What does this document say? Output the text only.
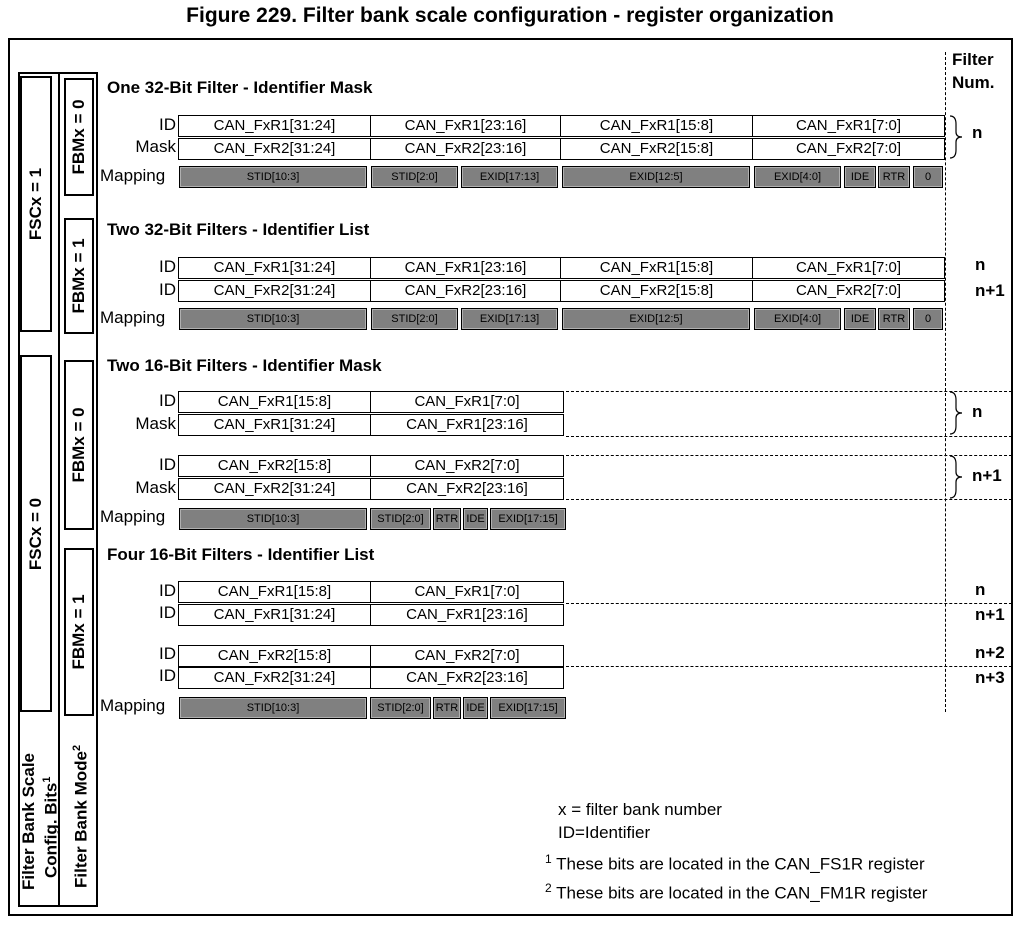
Figure 229. Filter bank scale configuration - register organization
Filter
Num.
FSCx = 1
FSCx = 0
FBMx = 0
FBMx = 1
FBMx = 0
FBMx = 1
Filter Bank Scale Config. Bits$^1$	Filter Bank Mode$^2$
One 32-Bit Filter - Identifier Mask
ID
Mask
Mapping
CAN_FxR1[31:24]	CAN_FxR1[23:16]	CAN_FxR1[15:8]	CAN_FxR1[7:0]
CAN_FxR2[31:24]	CAN_FxR2[23:16]	CAN_FxR2[15:8]	CAN_FxR2[7:0]
STID[10:3]	STID[2:0]	EXID[17:13]	EXID[12:5]	EXID[4:0]	IDE	RTR	0
n
Two 32-Bit Filters - Identifier List
ID
ID
Mapping
CAN_FxR1[31:24]	CAN_FxR1[23:16]	CAN_FxR1[15:8]	CAN_FxR1[7:0]
CAN_FxR2[31:24]	CAN_FxR2[23:16]	CAN_FxR2[15:8]	CAN_FxR2[7:0]
STID[10:3]	STID[2:0]	EXID[17:13]	EXID[12:5]	EXID[4:0]	IDE	RTR	0
n
n+1
Two 16-Bit Filters - Identifier Mask
ID
Mask
ID
Mask
Mapping
CAN_FxR1[15:8]	CAN_FxR1[7:0]
CAN_FxR1[31:24]	CAN_FxR1[23:16]
CAN_FxR2[15:8]	CAN_FxR2[7:0]
CAN_FxR2[31:24]	CAN_FxR2[23:16]
STID[10:3]	STID[2:0]	RTR IDE	EXID[17:15]
n
n+1
Four 16-Bit Filters - Identifier List
ID
ID
ID
ID
Mapping
CAN_FxR1[15:8]	CAN_FxR1[7:0]
CAN_FxR1[31:24]	CAN_FxR1[23:16]
CAN_FxR2[15:8]	CAN_FxR2[7:0]
CAN_FxR2[31:24]	CAN_FxR2[23:16]
STID[10:3]	STID[2:0]	RTR IDE	EXID[17:15]
n
n+1
n+2
n+3
x = filter bank number
ID=Identifier
$^1$ These bits are located in the CAN_FS1R register
$^2$ These bits are located in the CAN_FM1R register
